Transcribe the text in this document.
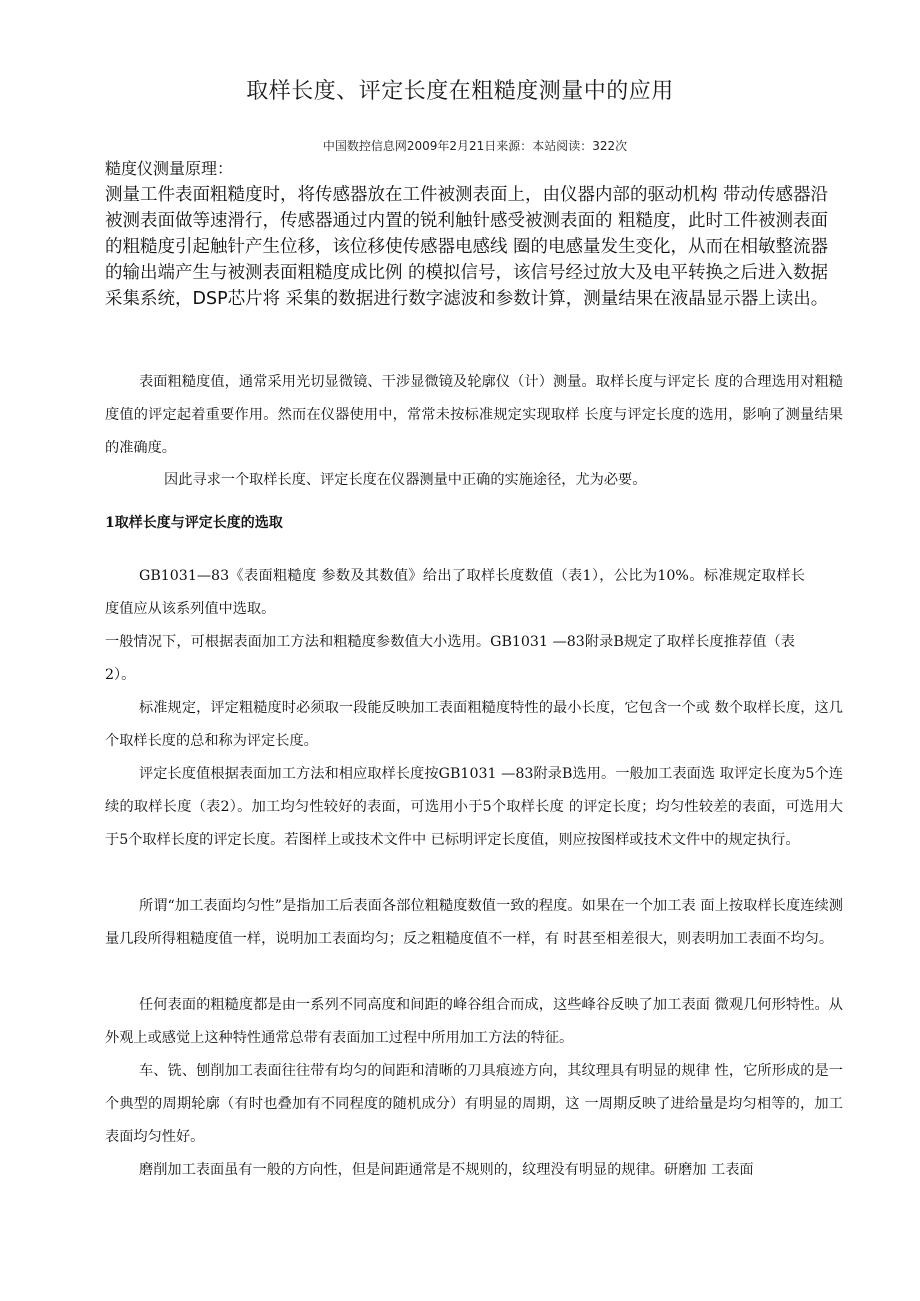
取样长度、评定长度在粗糙度测量中的应用
中国数控信息网2009年2月21日来源：本站阅读：322次
糙度仪测量原理：
测量工件表面粗糙度时，将传感器放在工件被测表面上，由仪器内部的驱动机构 带动传感器沿被测表面做等速滑行，传感器通过内置的锐利触针感受被测表面的 粗糙度，此时工件被测表面的粗糙度引起触针产生位移，该位移使传感器电感线 圈的电感量发生变化，从而在相敏整流器的输出端产生与被测表面粗糙度成比例 的模拟信号，该信号经过放大及电平转换之后进入数据采集系统，DSP芯片将 采集的数据进行数字滤波和参数计算，测量结果在液晶显示器上读出。
表面粗糙度值，通常采用光切显微镜、干涉显微镜及轮廓仪（计）测量。取样长度与评定长 度的合理选用对粗糙度值的评定起着重要作用。然而在仪器使用中，常常未按标准规定实现取样 长度与评定长度的选用，影响了测量结果的准确度。
因此寻求一个取样长度、评定长度在仪器测量中正确的实施途径，尤为必要。
1取样长度与评定长度的选取
GB1031—83《表面粗糙度 参数及其数值》给出了取样长度数值（表1），公比为10%。标准规定取样长度值应从该系列值中选取。
一般情况下，可根据表面加工方法和粗糙度参数值大小选用。GB1031 —83附录B规定了取样长度推荐值（表2）。
标准规定，评定粗糙度时必须取一段能反映加工表面粗糙度特性的最小长度，它包含一个或 数个取样长度，这几个取样长度的总和称为评定长度。
评定长度值根据表面加工方法和相应取样长度按GB1031 —83附录B选用。一般加工表面选 取评定长度为5个连续的取样长度（表2）。加工均匀性较好的表面，可选用小于5个取样长度 的评定长度；均匀性较差的表面，可选用大于5个取样长度的评定长度。若图样上或技术文件中 已标明评定长度值，则应按图样或技术文件中的规定执行。
所谓“加工表面均匀性”是指加工后表面各部位粗糙度数值一致的程度。如果在一个加工表 面上按取样长度连续测量几段所得粗糙度值一样，说明加工表面均匀；反之粗糙度值不一样，有 时甚至相差很大，则表明加工表面不均匀。
任何表面的粗糙度都是由一系列不同高度和间距的峰谷组合而成，这些峰谷反映了加工表面 微观几何形特性。从外观上或感觉上这种特性通常总带有表面加工过程中所用加工方法的特征。
车、铣、刨削加工表面往往带有均匀的间距和清晰的刀具痕迹方向，其纹理具有明显的规律 性，它所形成的是一个典型的周期轮廓（有时也叠加有不同程度的随机成分）有明显的周期，这 一周期反映了进给量是均匀相等的，加工表面均匀性好。
磨削加工表面虽有一般的方向性，但是间距通常是不规则的，纹理没有明显的规律。研磨加 工表面
